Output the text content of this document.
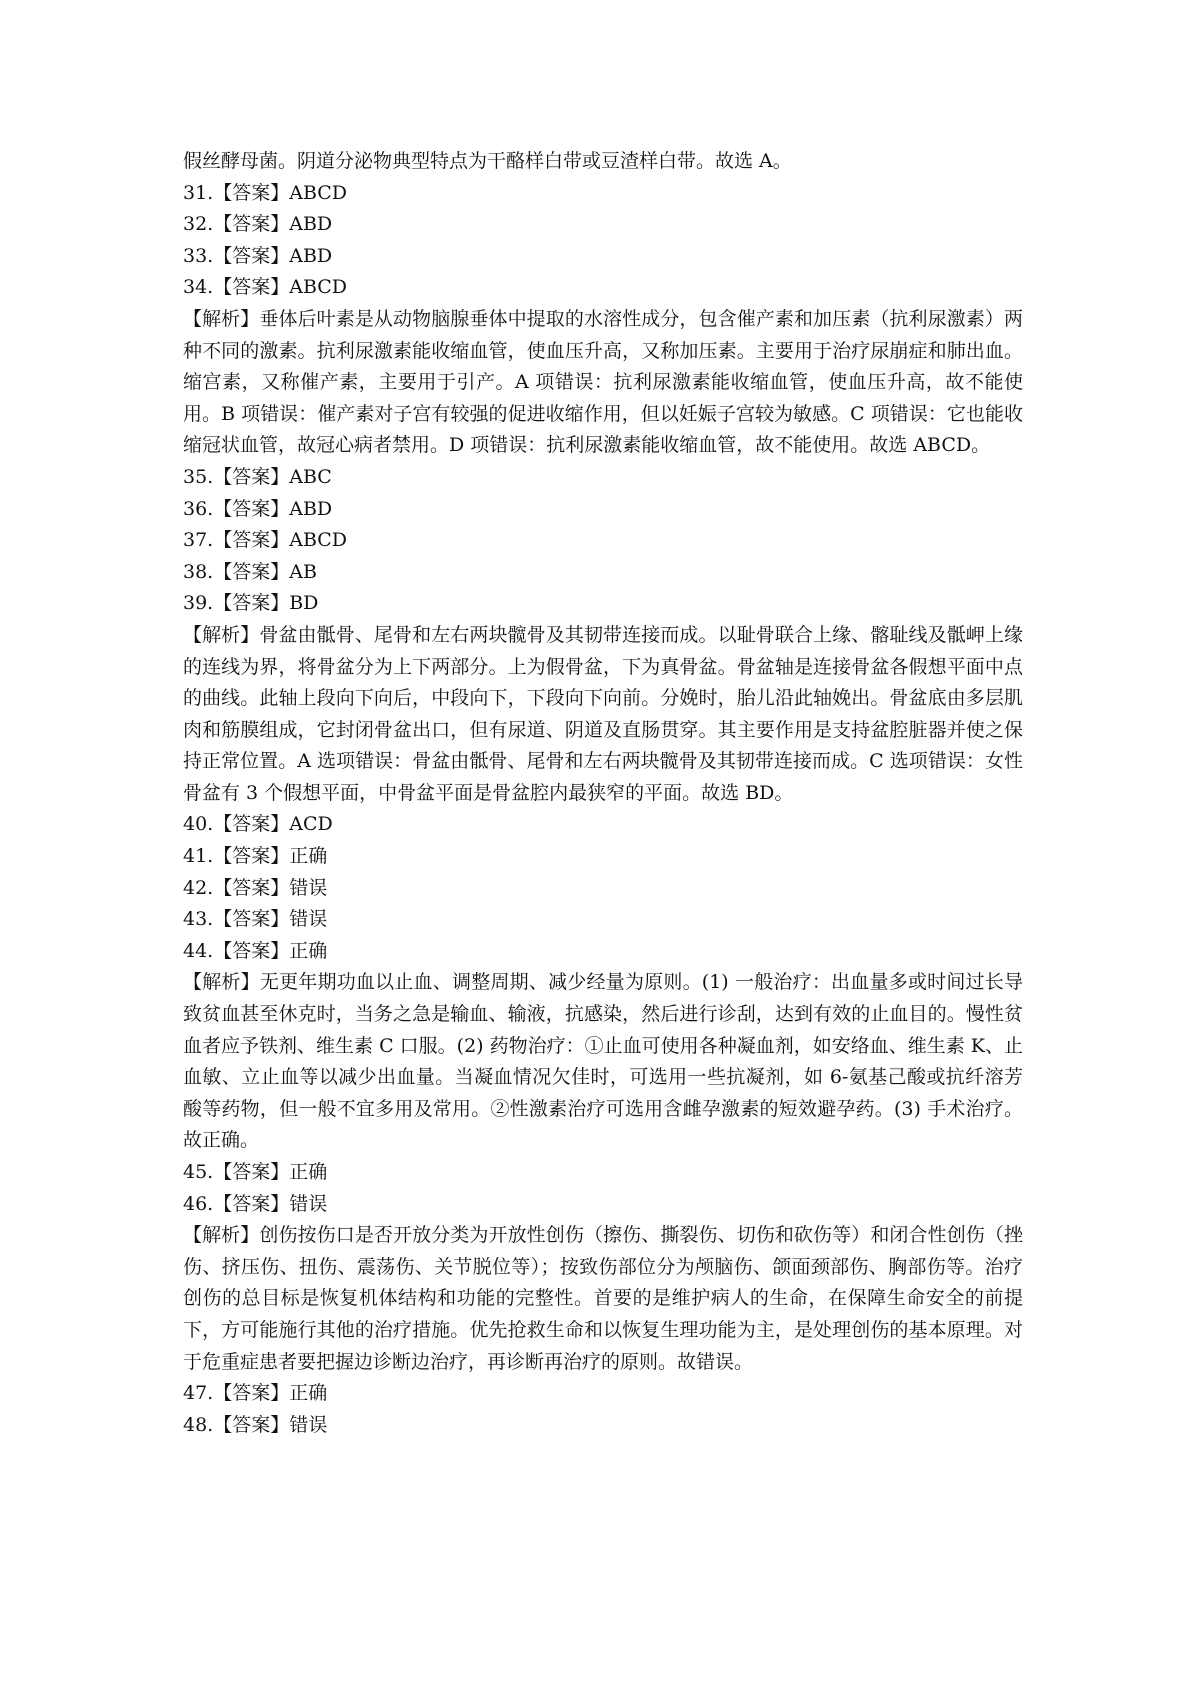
假丝酵母菌。阴道分泌物典型特点为干酪样白带或豆渣样白带。故选 A。
31.【答案】ABCD
32.【答案】ABD
33.【答案】ABD
34.【答案】ABCD
【解析】垂体后叶素是从动物脑腺垂体中提取的水溶性成分，包含催产素和加压素（抗利尿激素）两种不同的激素。抗利尿激素能收缩血管，使血压升高，又称加压素。主要用于治疗尿崩症和肺出血。缩宫素，又称催产素，主要用于引产。A 项错误：抗利尿激素能收缩血管，使血压升高，故不能使用。B 项错误：催产素对子宫有较强的促进收缩作用，但以妊娠子宫较为敏感。C 项错误：它也能收缩冠状血管，故冠心病者禁用。D 项错误：抗利尿激素能收缩血管，故不能使用。故选 ABCD。
35.【答案】ABC
36.【答案】ABD
37.【答案】ABCD
38.【答案】AB
39.【答案】BD
【解析】骨盆由骶骨、尾骨和左右两块髋骨及其韧带连接而成。以耻骨联合上缘、髂耻线及骶岬上缘的连线为界，将骨盆分为上下两部分。上为假骨盆，下为真骨盆。骨盆轴是连接骨盆各假想平面中点的曲线。此轴上段向下向后，中段向下，下段向下向前。分娩时，胎儿沿此轴娩出。骨盆底由多层肌肉和筋膜组成，它封闭骨盆出口，但有尿道、阴道及直肠贯穿。其主要作用是支持盆腔脏器并使之保持正常位置。A 选项错误：骨盆由骶骨、尾骨和左右两块髋骨及其韧带连接而成。C 选项错误：女性骨盆有 3 个假想平面，中骨盆平面是骨盆腔内最狭窄的平面。故选 BD。
40.【答案】ACD
41.【答案】正确
42.【答案】错误
43.【答案】错误
44.【答案】正确
【解析】无更年期功血以止血、调整周期、减少经量为原则。(1) 一般治疗：出血量多或时间过长导致贫血甚至休克时，当务之急是输血、输液，抗感染，然后进行诊刮，达到有效的止血目的。慢性贫血者应予铁剂、维生素 C 口服。(2) 药物治疗：①止血可使用各种凝血剂，如安络血、维生素 K、止血敏、立止血等以减少出血量。当凝血情况欠佳时，可选用一些抗凝剂，如 6-氨基己酸或抗纤溶芳酸等药物，但一般不宜多用及常用。②性激素治疗可选用含雌孕激素的短效避孕药。(3) 手术治疗。故正确。
45.【答案】正确
46.【答案】错误
【解析】创伤按伤口是否开放分类为开放性创伤（擦伤、撕裂伤、切伤和砍伤等）和闭合性创伤（挫伤、挤压伤、扭伤、震荡伤、关节脱位等）；按致伤部位分为颅脑伤、颌面颈部伤、胸部伤等。治疗创伤的总目标是恢复机体结构和功能的完整性。首要的是维护病人的生命，在保障生命安全的前提下，方可能施行其他的治疗措施。优先抢救生命和以恢复生理功能为主，是处理创伤的基本原理。对于危重症患者要把握边诊断边治疗，再诊断再治疗的原则。故错误。
47.【答案】正确
48.【答案】错误
